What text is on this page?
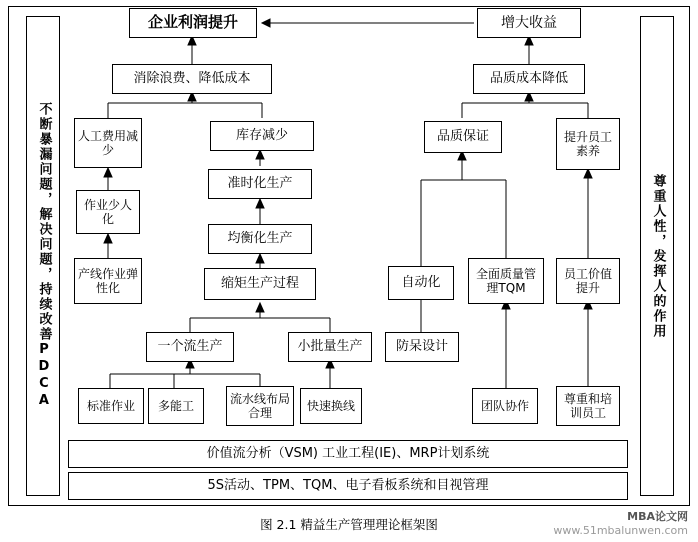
不断暴漏问题，解决问题，持续改善PDCA	尊重人性，发挥人的作用
企业利润提升	增大收益
消除浪费、降低成本	品质成本降低
人工费用减少
库存减少	品质保证	提升员工素养
作业少人化
准时化生产
产线作业弹性化
均衡化生产
缩矩生产过程	自动化
全面质量管理TQM
员工价值提升
一个流生产	小批量生产	防呆设计
标准作业	多能工
流水线布局合理
快速换线	团队协作
尊重和培训员工
价值流分析（VSM) 工业工程(IE)、MRP计划系统
5S活动、TPM、TQM、电子看板系统和目视管理
图 2.1 精益生产管理理论框架图
MBA论文网
www.51mbalunwen.com
